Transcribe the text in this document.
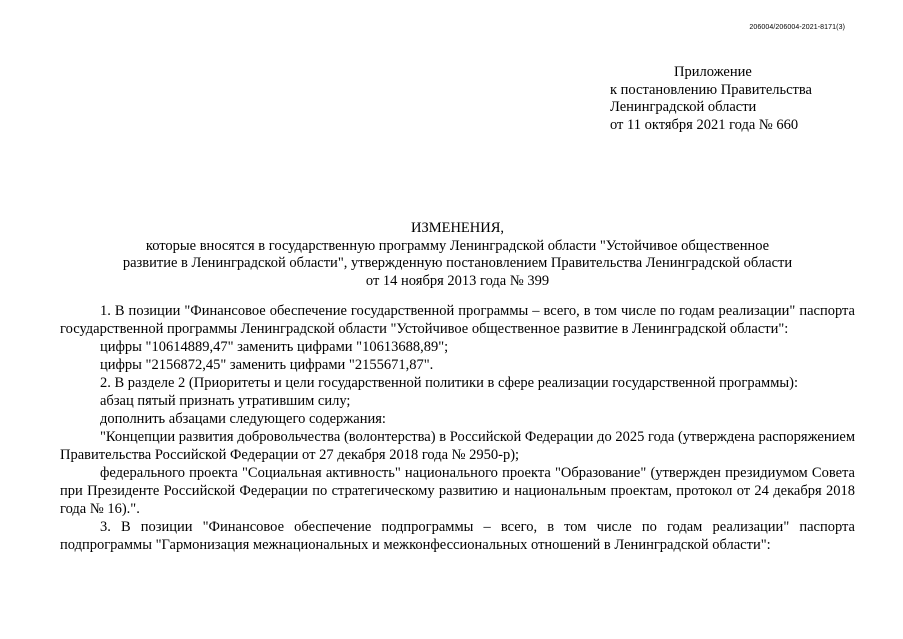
206004/206004-2021-8171(3)
Приложение
к постановлению Правительства
Ленинградской области
от 11 октября 2021 года № 660
ИЗМЕНЕНИЯ,
которые вносятся в государственную программу Ленинградской области "Устойчивое общественное
развитие в Ленинградской области", утвержденную постановлением Правительства Ленинградской области
от 14 ноября 2013 года № 399

1. В позиции "Финансовое обеспечение государственной программы – всего, в том числе по годам реализации" паспорта государственной программы Ленинградской области "Устойчивое общественное развитие в Ленинградской области":

цифры "10614889,47" заменить цифрами "10613688,89";

цифры "2156872,45" заменить цифрами "2155671,87".

2. В разделе 2 (Приоритеты и цели государственной политики в сфере реализации государственной программы):

абзац пятый признать утратившим силу;

дополнить абзацами следующего содержания:

"Концепции развития добровольчества (волонтерства) в Российской Федерации до 2025 года (утверждена распоряжением Правительства Российской Федерации от 27 декабря 2018 года № 2950-р);

федерального проекта "Социальная активность" национального проекта "Образование" (утвержден президиумом Совета при Президенте Российской Федерации по стратегическому развитию и национальным проектам, протокол от 24 декабря 2018 года № 16).".

3. В позиции "Финансовое обеспечение подпрограммы – всего, в том числе по годам реализации" паспорта подпрограммы "Гармонизация межнациональных и межконфессиональных отношений в Ленинградской области":
